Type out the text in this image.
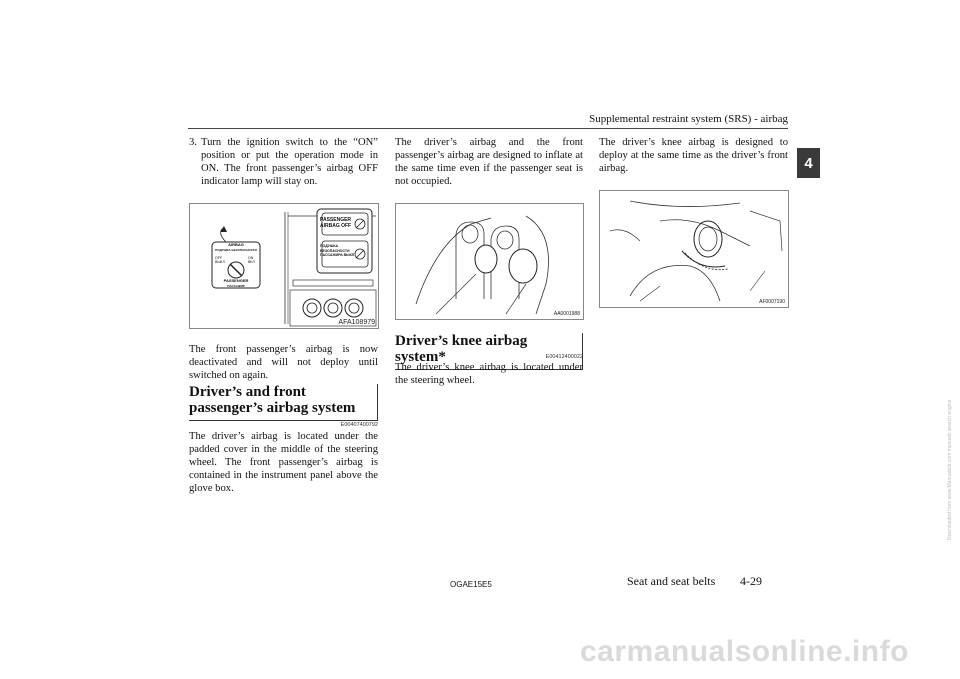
Supplemental restraint system (SRS) - airbag
4
3. Turn the ignition switch to the “ON” position or put the operation mode in ON. The front passenger’s airbag OFF indicator lamp will stay on.

PASSENGER AIRBAG OFF
ПОДУШКА БЕЗОПАСНОСТИ ПАССАЖИРА ВЫКЛ
AIRBAG
ПОДУШКА БЕЗОПАСНОСТИ
OFF
ВЫКЛ
ON
ВКЛ
PASSENGER
ПАССАЖИР
AFA108979
The front passenger’s airbag is now deactivated and will not deploy until switched on again.
Driver’s and front passenger’s airbag system
E00407400792
The driver’s airbag is located under the padded cover in the middle of the steering wheel. The front passenger’s airbag is contained in the instrument panel above the glove box.
The driver’s airbag and the front passenger’s airbag are designed to inflate at the same time even if the passenger seat is not occupied.
AA0001988
Driver’s knee airbag system*	E00412400022
The driver’s knee airbag is located under the steering wheel.
The driver’s knee airbag is designed to deploy at the same time as the driver’s front airbag.
AF0007190
OGAE15E5	Seat and seat belts 4-29
carmanualsonline.info
Downloaded from www.Manualslib.com manuals search engine
